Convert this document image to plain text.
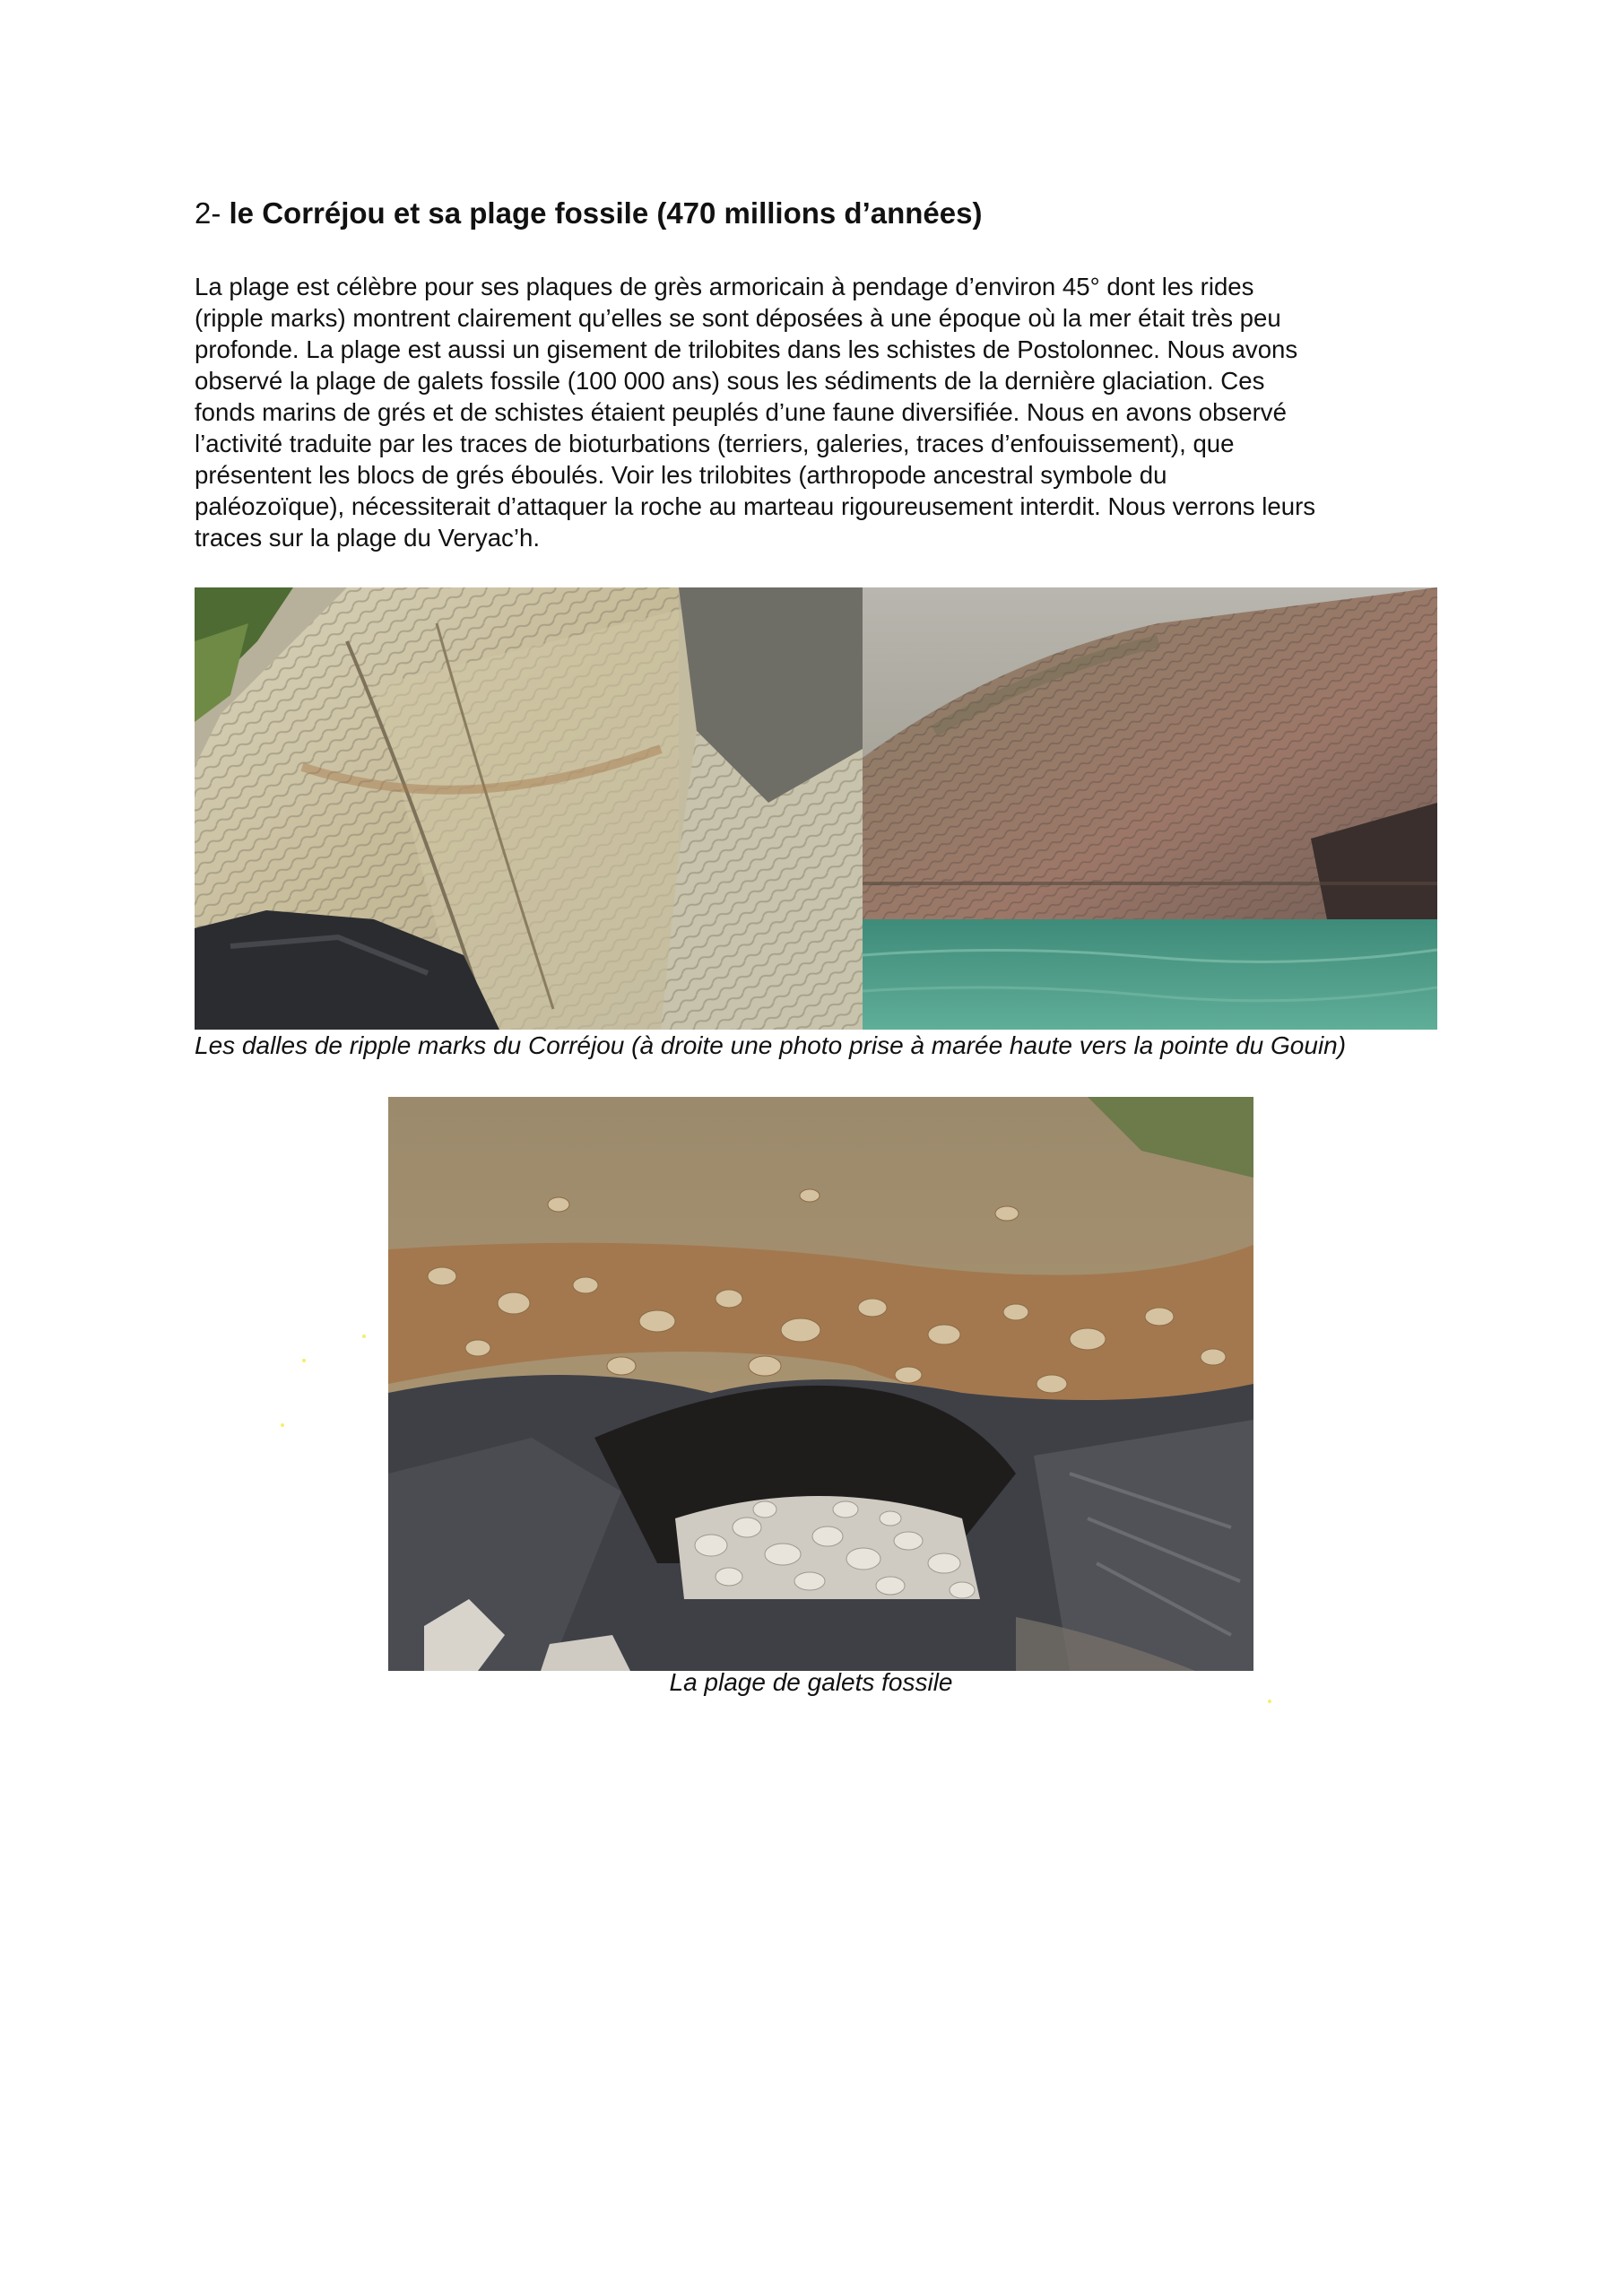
2- le Corréjou et sa plage fossile (470 millions d’années)
La plage est célèbre pour ses plaques de grès armoricain à pendage d’environ 45° dont les rides
(ripple marks) montrent clairement qu’elles se sont déposées à une époque où la mer était très peu
profonde. La plage est aussi un gisement de trilobites dans les schistes de Postolonnec. Nous avons
observé la plage de galets fossile (100 000 ans) sous les sédiments de la dernière glaciation. Ces
fonds marins de grés et de schistes étaient peuplés d’une faune diversifiée. Nous en avons observé
l’activité traduite par les traces de bioturbations (terriers, galeries, traces d’enfouissement), que
présentent les blocs de grés éboulés. Voir les trilobites (arthropode ancestral symbole du
paléozoïque), nécessiterait d’attaquer la roche au marteau rigoureusement interdit. Nous verrons leurs
traces sur la plage du Veryac’h.
Les dalles de ripple marks du Corréjou (à droite une photo prise à marée haute vers la pointe du Gouin)
La plage de galets fossile
